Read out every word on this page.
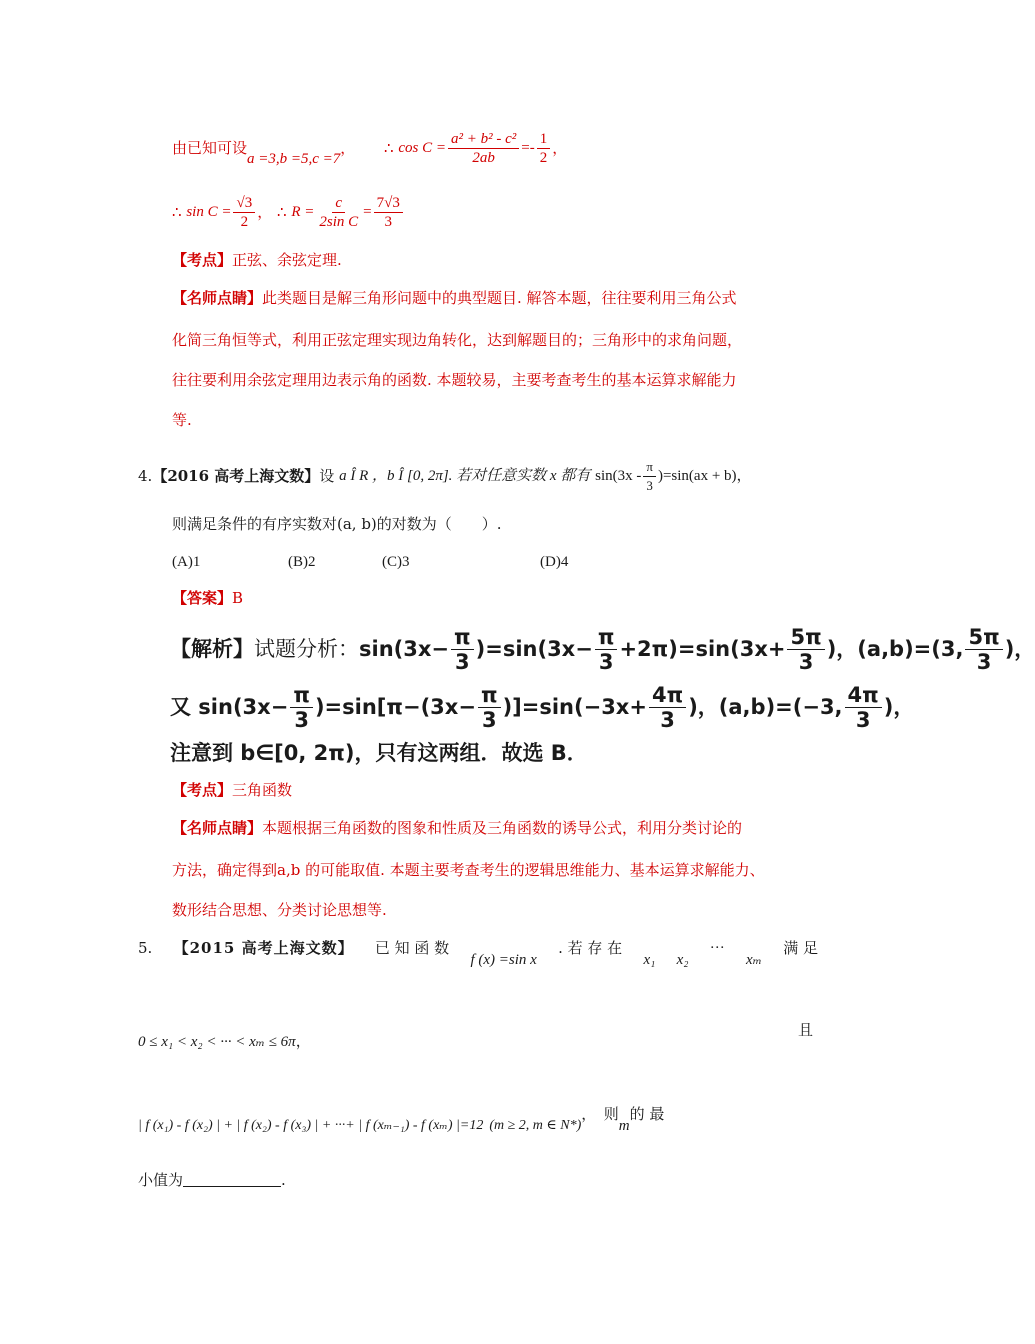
由已知可设a =3,b =5,c =7， ∴
$\cos C = \frac{\text{a² + b² - c²}}{2ab} =- \frac{1}{2}$ ，
∴
$\sin C = \frac{√3}{2}$ ，
∴
$R = \frac{c}{\text{2sin C}} = \frac{7√3}{3}$
【考点】正弦、余弦定理.
【名师点睛】此类题目是解三角形问题中的典型题目. 解答本题，往往要利用三角公式
化简三角恒等式，利用正弦定理实现边角转化，达到解题目的；三角形中的求角问题，
往往要利用余弦定理用边表示角的函数. 本题较易，主要考查考生的基本运算求解能力
等.
4. 【2016 高考上海文数】 设
a Î R ，b Î [0, 2π]. 若对任意实数 x 都有
$\sin(3x - \frac{\pi}{3} )=\sin(ax + b)$，
则满足条件的有序实数对(a, b)的对数为（　　）.
(A)1	(B)2	(C)3	(D)4
【答案】B
【解析】 试题分析： $\sin(3x- \frac{\pi}{3} )=\sin(3x- \frac{\pi}{3} +2\pi)=\sin(3x+ \frac{5\pi}{3}$ )，(a,b)=(3, $\frac{5\pi}{3}$ )，
又 $\sin(3x- \frac{\pi}{3} )=\sin[\pi-(3x- \frac{\pi}{3} )]=\sin(-3x+ \frac{4\pi}{3}$ )，(a,b)=(−3, $\frac{4\pi}{3}$ )，
注意到 b∈[0, 2π)，只有这两组．故选 B．
【考点】三角函数
【名师点睛】本题根据三角函数的图象和性质及三角函数的诱导公式，利用分类讨论的
方法，确定得到a,b 的可能取值. 本题主要考查考生的逻辑思维能力、基本运算求解能力、
数形结合思想、分类讨论思想等.
5. 【2015 高考上海文数】 已 知 函 数
f (x) =sin x
. 若 存 在
x₁ x₂
···
xₘ
满 足
0 ≤ x₁ < x₂ < ··· < xₘ ≤ 6π，
且
| f (x₁) - f (x₂) | + | f (x₂) - f (x₃) | + ···+ | f (xₘ₋₁) - f (xₘ) |=12 (m ≥ 2, m ∈ N*)
，　则
m
的 最
小值为	.
